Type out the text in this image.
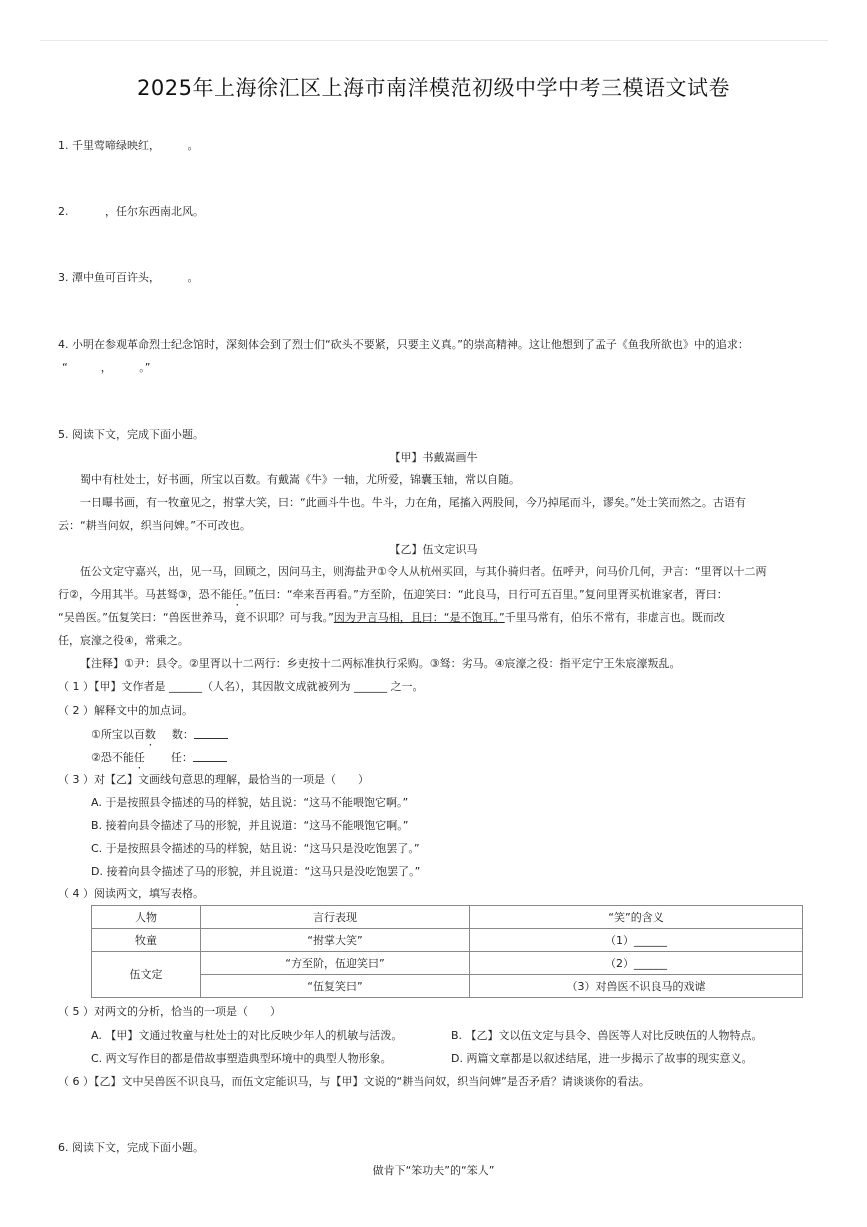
2025年上海徐汇区上海市南洋模范初级中学中考三模语文试卷
1. 千里莺啼绿映红，　　　。
2. 　　　，任尔东西南北风。
3. 潭中鱼可百许头，　　　。
4. 小明在参观革命烈士纪念馆时，深刻体会到了烈士们“砍头不要紧，只要主义真。”的崇高精神。这让他想到了孟子《鱼我所欲也》中的追求：
“　　　，　　　。”
5. 阅读下文，完成下面小题。
【甲】书戴嵩画牛
蜀中有杜处士，好书画，所宝以百数。有戴嵩《牛》一轴，尤所爱，锦囊玉轴，常以自随。
一日曝书画，有一牧童见之，拊掌大笑，曰：“此画斗牛也。牛斗，力在角，尾搐入两股间，今乃掉尾而斗，谬矣。”处士笑而然之。古语有
云：“耕当问奴，织当问婢。”不可改也。
【乙】伍文定识马
伍公文定守嘉兴，出，见一马，回顾之，因问马主，则海盐尹①令人从杭州买回，与其仆骑归者。伍呼尹，问马价几何，尹言：“里胥以十二两
行②，今用其半。马甚驽③，恐不能任。”伍曰：“牵来吾再看。”方至阶，伍迎笑曰：“此良马，日行可五百里。”复问里胥买杭谁家者，胥曰：
“吴兽医。”伍复笑曰：“兽医世养马，竟不识耶？可与我。”因为尹言马相，且曰：“是不饱耳。”千里马常有，伯乐不常有，非虚言也。既而改
任，宸濠之役④，常乘之。
【注释】①尹：县令。②里胥以十二两行：乡吏按十二两标准执行采购。③驽：劣马。④宸濠之役：指平定宁王朱宸濠叛乱。
（ 1 ）【甲】文作者是 ______（人名），其因散文成就被列为 ______ 之一。
（ 2 ）解释文中的加点词。
①所宝以百数 数：
②恐不能任 任：
（ 3 ）对【乙】文画线句意思的理解，最恰当的一项是（　　）
A. 于是按照县令描述的马的样貌，姑且说：“这马不能喂饱它啊。”
B. 接着向县令描述了马的形貌，并且说道：“这马不能喂饱它啊。”
C. 于是按照县令描述的马的样貌，姑且说：“这马只是没吃饱罢了。”
D. 接着向县令描述了马的形貌，并且说道：“这马只是没吃饱罢了。”
（ 4 ）阅读两文，填写表格。
人物	言行表现	“笑”的含义
牧童	“拊掌大笑”	（1）______
伍文定	“方至阶，伍迎笑曰”	（2）______
	“伍复笑曰”	（3）对兽医不识良马的戏谑
（ 5 ）对两文的分析，恰当的一项是（　　）
A. 【甲】文通过牧童与杜处士的对比反映少年人的机敏与活泼。	B. 【乙】文以伍文定与县令、兽医等人对比反映伍的人物特点。
C. 两文写作目的都是借故事塑造典型环境中的典型人物形象。	D. 两篇文章都是以叙述结尾，进一步揭示了故事的现实意义。
（ 6 ）【乙】文中吴兽医不识良马，而伍文定能识马，与【甲】文说的“耕当问奴，织当问婢”是否矛盾？请谈谈你的看法。
6. 阅读下文，完成下面小题。
做肯下“笨功夫”的“笨人”
